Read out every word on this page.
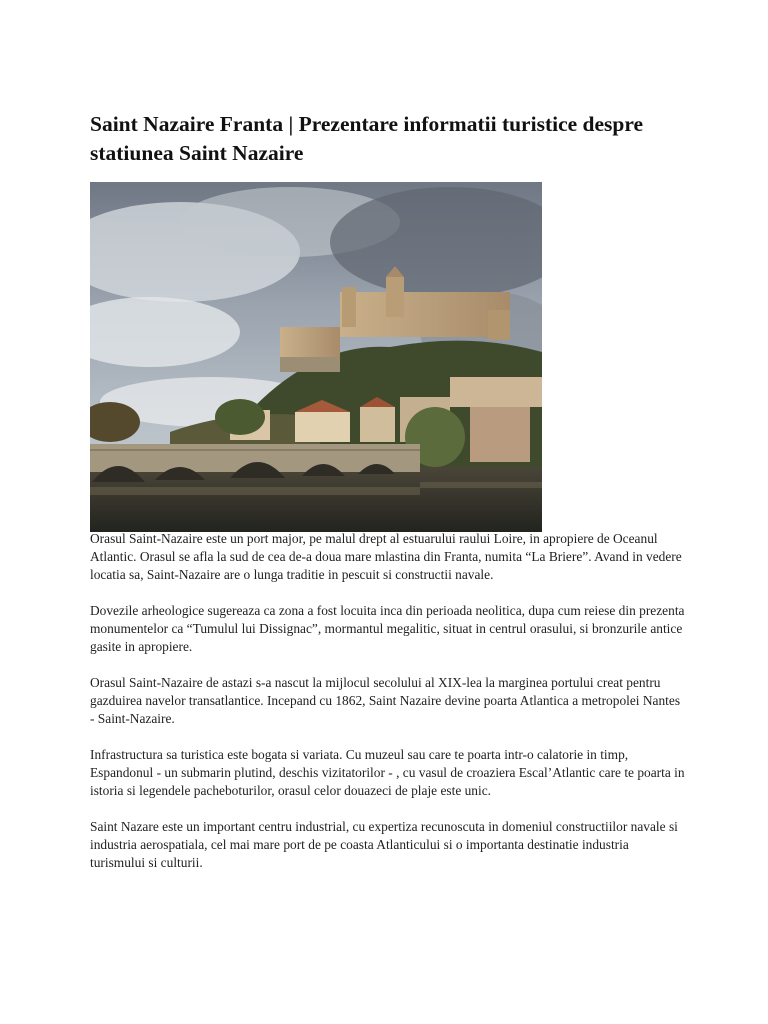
Saint Nazaire Franta | Prezentare informatii turistice despre statiunea Saint Nazaire

Orasul Saint-Nazaire este un port major, pe malul drept al estuarului raului Loire, in apropiere de Oceanul Atlantic. Orasul se afla la sud de cea de-a doua mare mlastina din Franta, numita “La Briere”. Avand in vedere locatia sa, Saint-Nazaire are o lunga traditie in pescuit si constructii navale.

Dovezile arheologice sugereaza ca zona a fost locuita inca din perioada neolitica, dupa cum reiese din prezenta monumentelor ca “Tumulul lui Dissignac”, mormantul megalitic, situat in centrul orasului, si bronzurile antice gasite in apropiere.

Orasul Saint-Nazaire de astazi s-a nascut la mijlocul secolului al XIX-lea la marginea portului creat pentru gazduirea navelor transatlantice. Incepand cu 1862, Saint Nazaire devine poarta Atlantica a metropolei Nantes - Saint-Nazaire.

Infrastructura sa turistica este bogata si variata. Cu muzeul sau care te poarta intr-o calatorie in timp, Espandonul - un submarin plutind, deschis vizitatorilor - , cu vasul de croaziera Escal’Atlantic care te poarta in istoria si legendele pacheboturilor, orasul celor douazeci de plaje este unic.

Saint Nazare este un important centru industrial, cu expertiza recunoscuta in domeniul constructiilor navale si industria aerospatiala, cel mai mare port de pe coasta Atlanticului si o importanta destinatie industria turismului si culturii.
